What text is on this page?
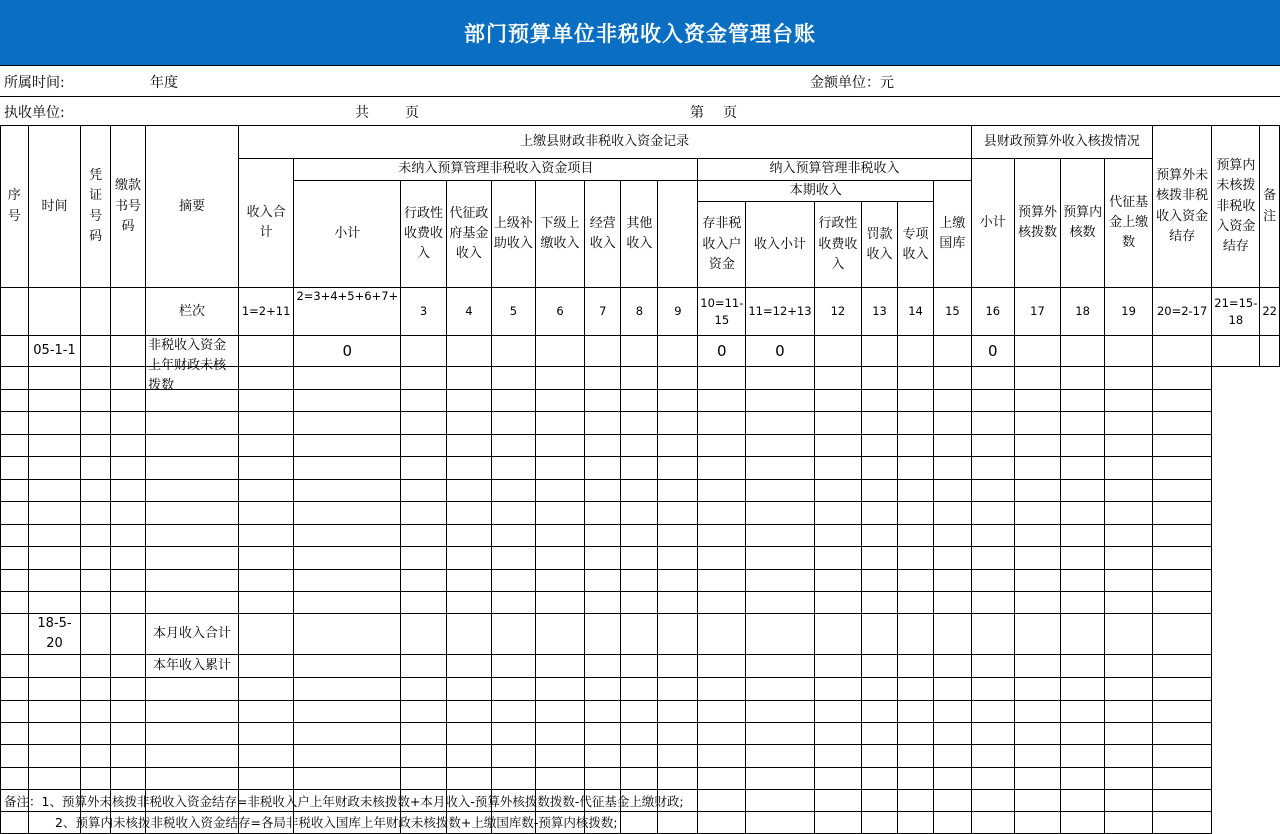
部门预算单位非税收入资金管理台账
所属时间:	年度	金额单位：元
执收单位:	共	页	第 页
序号	时间	凭证号码	缴款书号码	摘要	上缴县财政非税收入资金记录															县财政预算外收入核拨情况				预算外未核拨非税收入资金结存	预算内未核拨非税收入资金结存	备注
					收入合计	未纳入预算管理非税收入资金项目								纳入预算管理非税收入						小计	预算外核拨数	预算内核数	代征基金上缴数			
						小计	行政性收费收入	代征政府基金收入	上级补助收入	下级上缴收入	经营收入	其他收入		本期收入					上缴国库							
														存非税收入户资金	收入小计	行政性收费收入	罚款收入	专项收入								

				栏次	1=2+11	2=3+4+5+6+7+	3	4	5	6	7	8	9	10=11-15	11=12+13	12	13	14	15	16	17	18	19	20=2-17	21=15-18	22
	05-1-1			非税收入资金上年财政未核拨数		0								0	0					0						

	18-5-20			本月收入合计																						
				本年收入累计																						

备注：1、预算外未核拨非税收入资金结存=非税收入户上年财政未核拨数+本月收入-预算外核拨数拨数-代征基金上缴财政;
2、预算内未核拨非税收入资金结存=各局非税收入国库上年财政未核拨数+上缴国库数-预算内核拨数;
